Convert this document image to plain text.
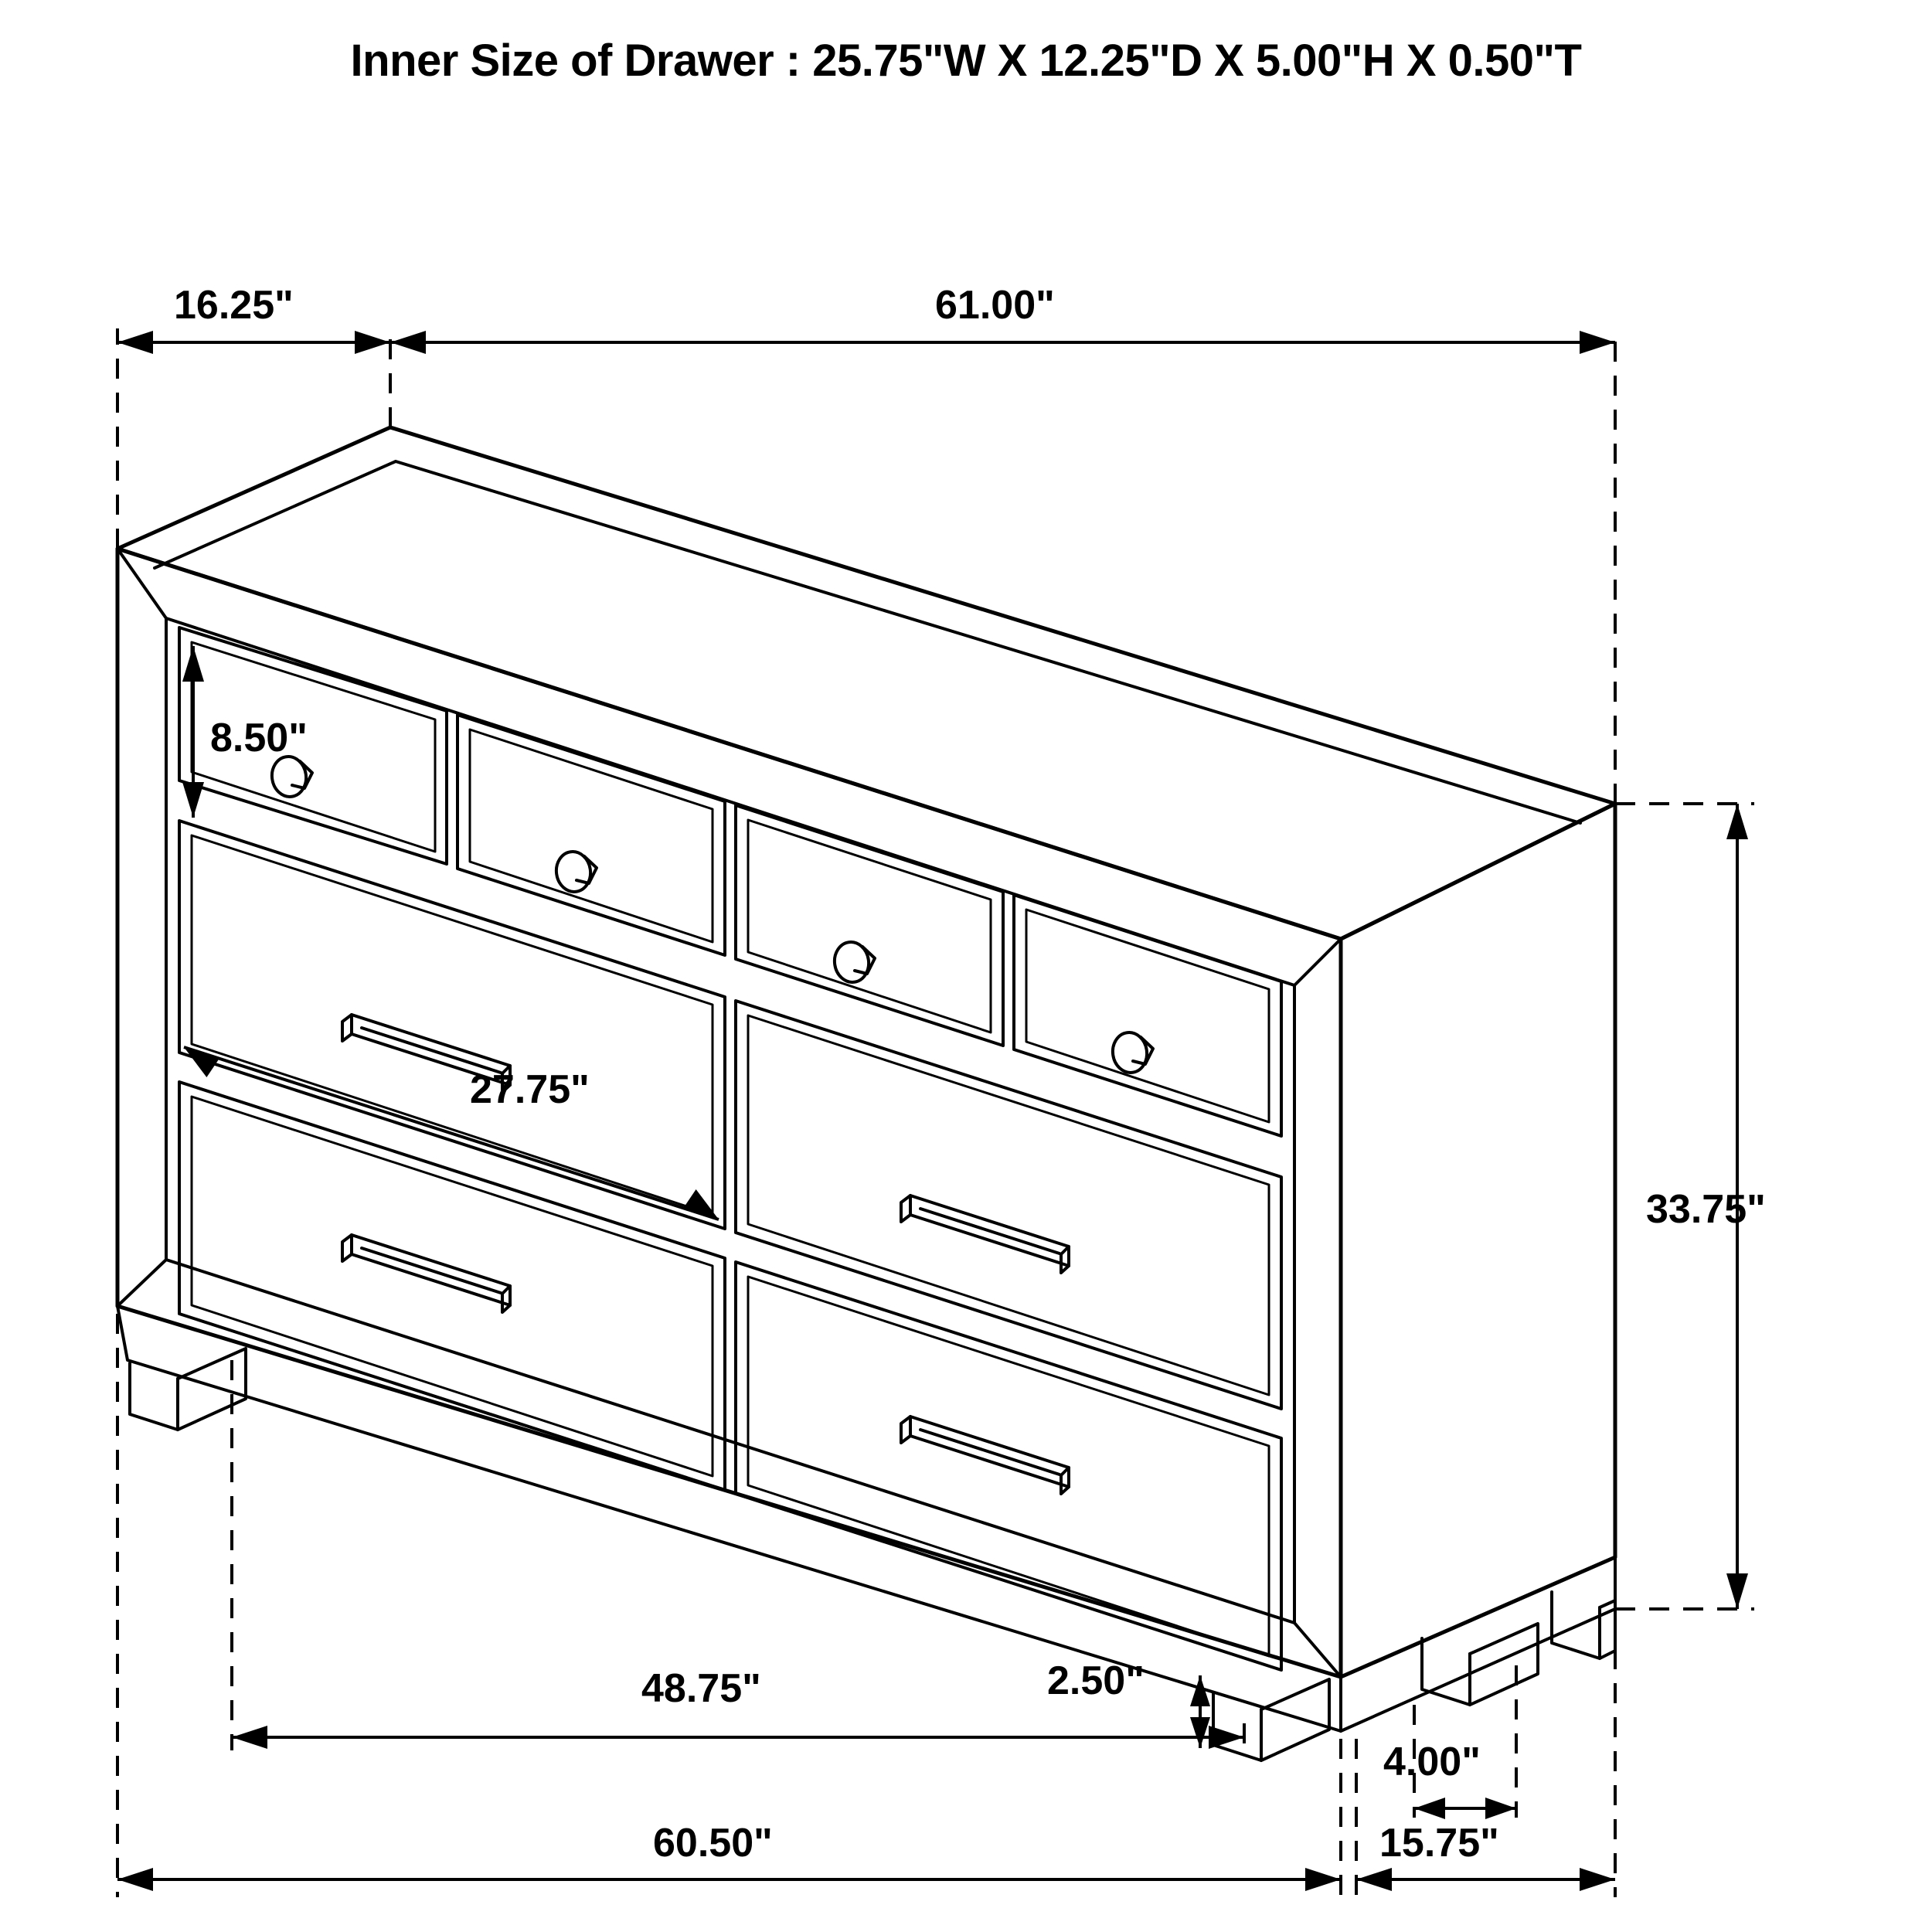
Inner Size of Drawer : 25.75"W X 12.25"D X 5.00"H X 0.50"T
16.25"	61.00"
8.50"
27.75"
33.75"
2.50"
48.75"
4.00"
60.50"	15.75"
